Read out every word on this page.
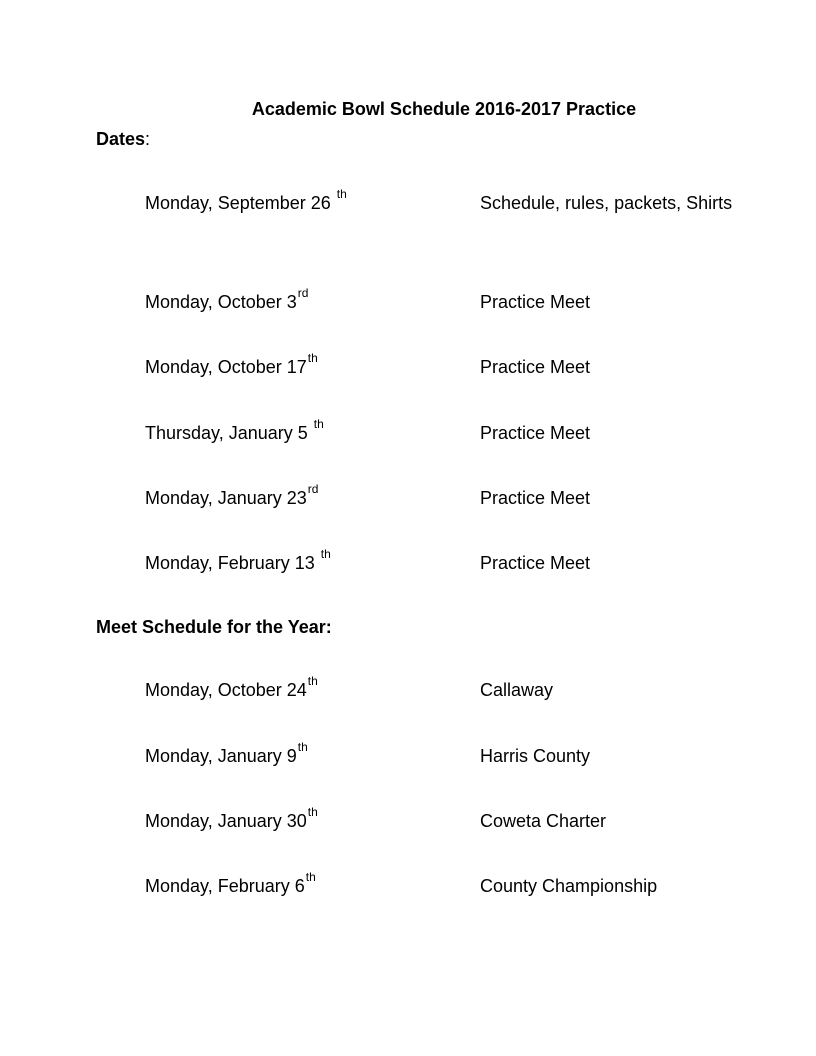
Academic Bowl Schedule 2016-2017 Practice
Dates:
Monday, September 26 $^{th}$	Schedule, rules, packets, Shirts
Monday, October 3rd	Practice Meet
Monday, October 17th	Practice Meet
Thursday, January 5 $^{th}$	Practice Meet
Monday, January 23rd	Practice Meet
Monday, February 13 $^{th}$	Practice Meet
Meet Schedule for the Year:
Monday, October 24th	Callaway
Monday, January 9th	Harris County
Monday, January 30th	Coweta Charter
Monday, February 6th	County Championship
